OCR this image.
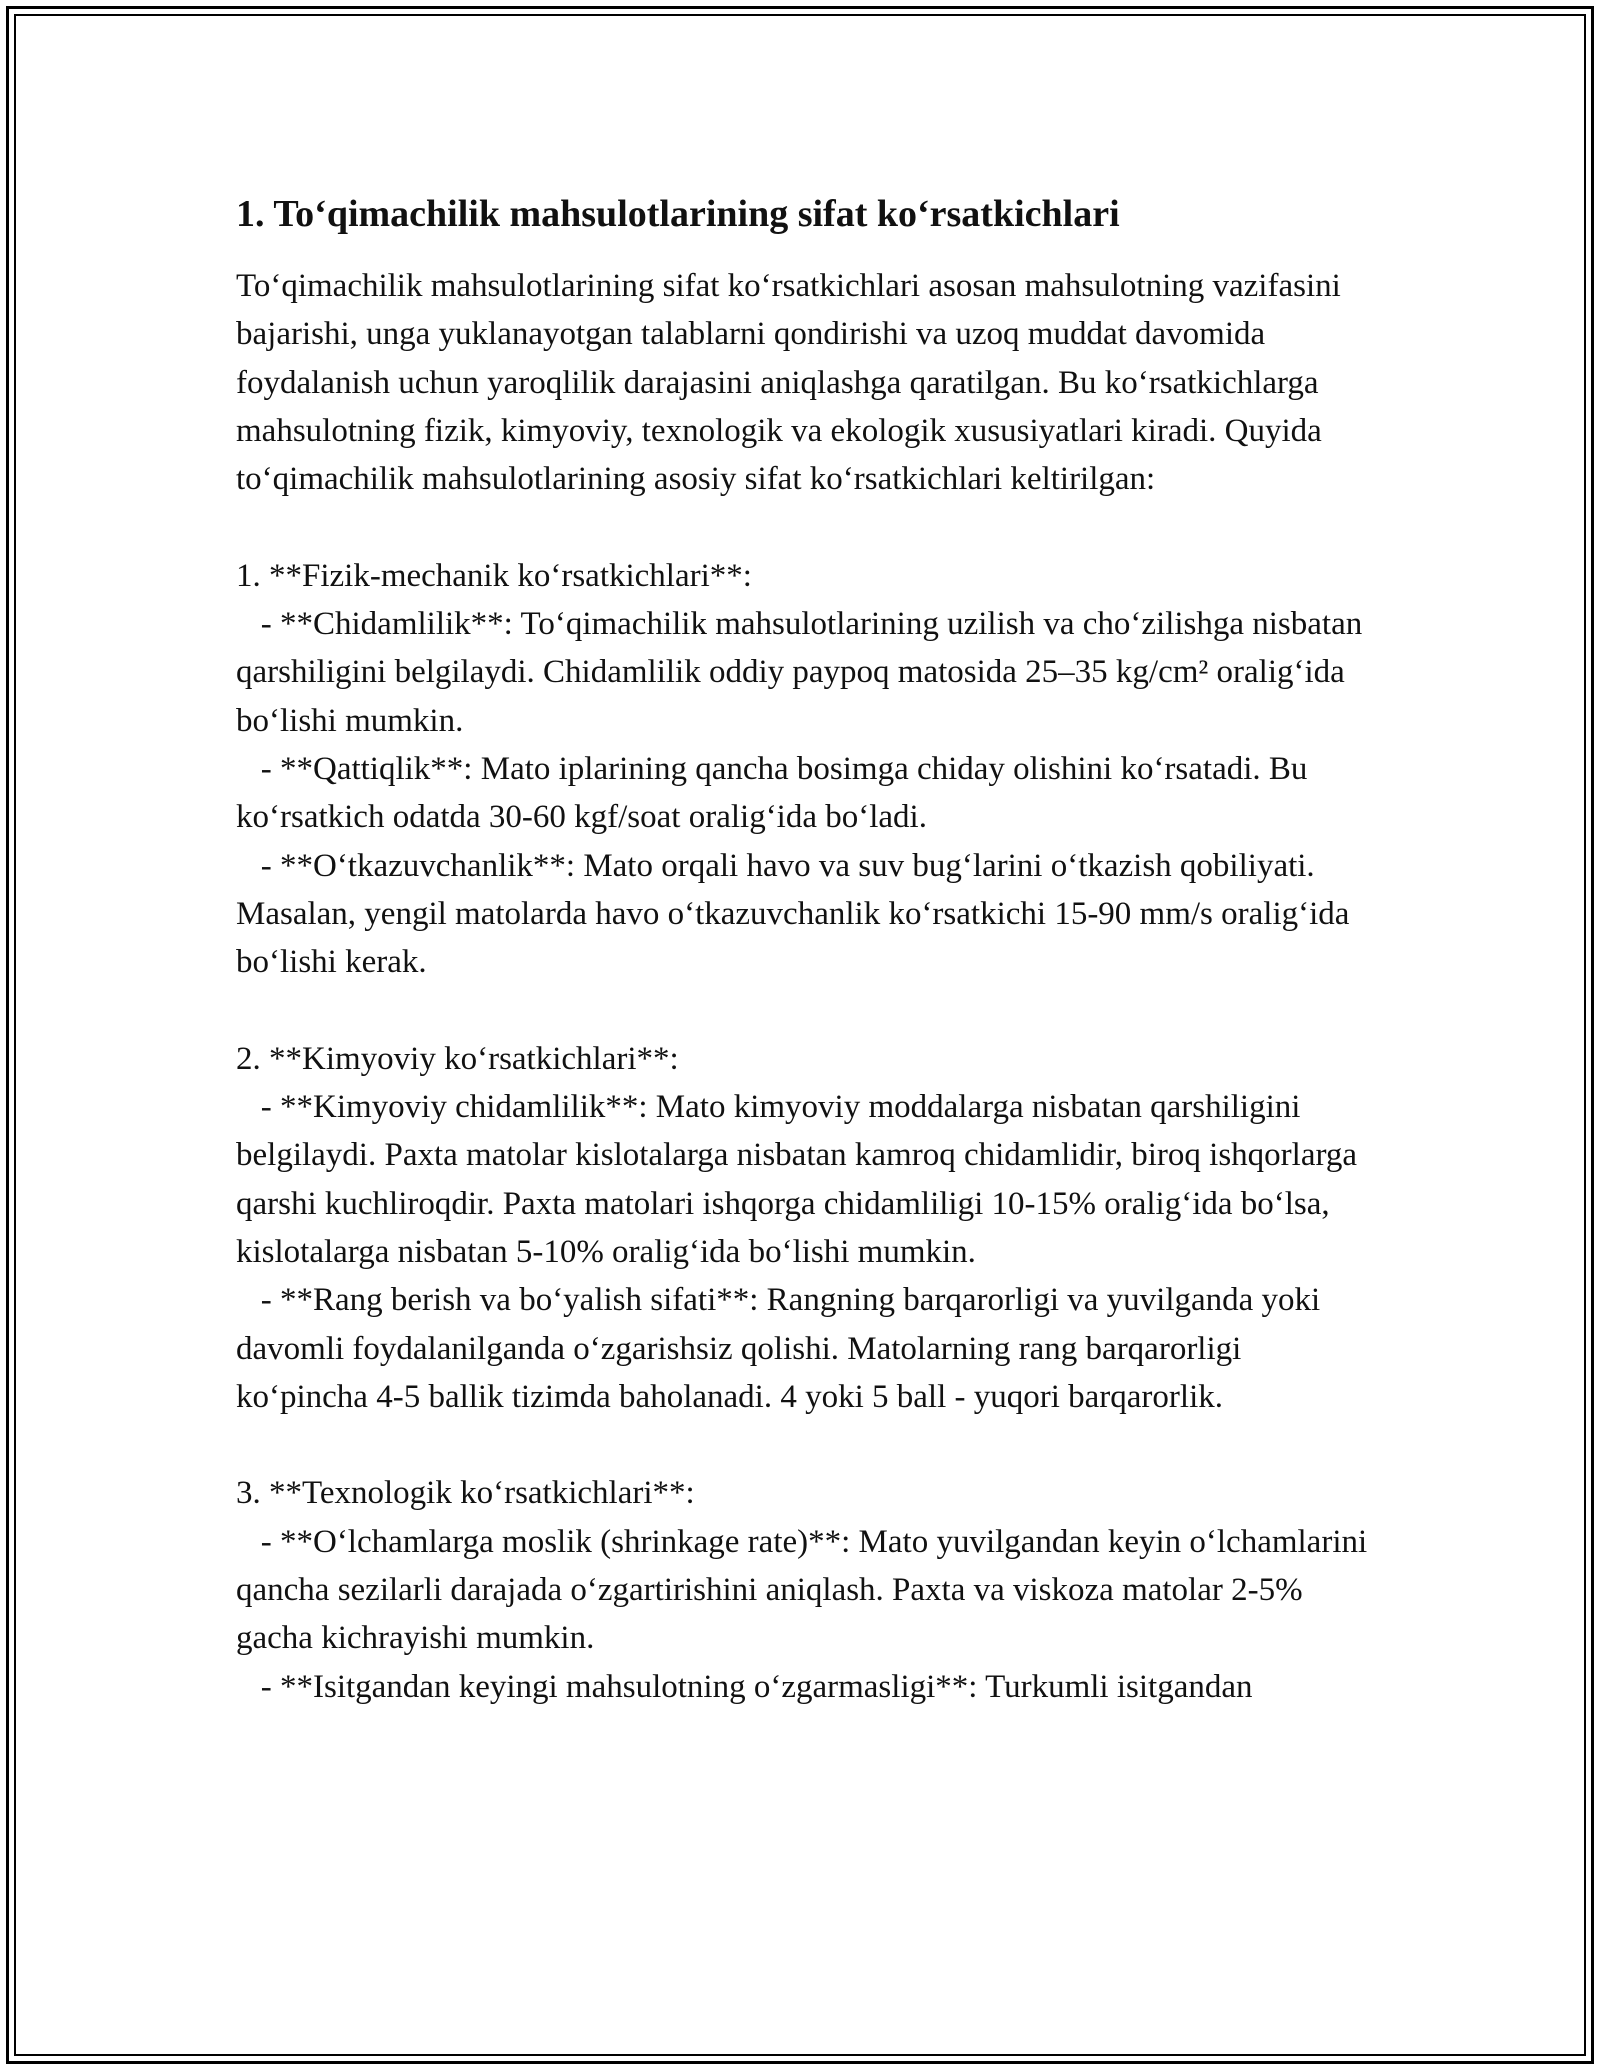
1. To‘qimachilik mahsulotlarining sifat ko‘rsatkichlari

To‘qimachilik mahsulotlarining sifat ko‘rsatkichlari asosan mahsulotning vazifasini bajarishi, unga yuklanayotgan talablarni qondirishi va uzoq muddat davomida foydalanish uchun yaroqlilik darajasini aniqlashga qaratilgan. Bu ko‘rsatkichlarga mahsulotning fizik, kimyoviy, texnologik va ekologik xususiyatlari kiradi. Quyida to‘qimachilik mahsulotlarining asosiy sifat ko‘rsatkichlari keltirilgan:

1. **Fizik-mechanik ko‘rsatkichlari**:
- **Chidamlilik**: To‘qimachilik mahsulotlarining uzilish va cho‘zilishga nisbatan qarshiligini belgilaydi. Chidamlilik oddiy paypoq matosida 25–35 kg/cm² oralig‘ida bo‘lishi mumkin.
- **Qattiqlik**: Mato iplarining qancha bosimga chiday olishini ko‘rsatadi. Bu ko‘rsatkich odatda 30-60 kgf/soat oralig‘ida bo‘ladi.
- **O‘tkazuvchanlik**: Mato orqali havo va suv bug‘larini o‘tkazish qobiliyati. Masalan, yengil matolarda havo o‘tkazuvchanlik ko‘rsatkichi 15-90 mm/s oralig‘ida bo‘lishi kerak.

2. **Kimyoviy ko‘rsatkichlari**:
- **Kimyoviy chidamlilik**: Mato kimyoviy moddalarga nisbatan qarshiligini belgilaydi. Paxta matolar kislotalarga nisbatan kamroq chidamlidir, biroq ishqorlarga qarshi kuchliroqdir. Paxta matolari ishqorga chidamliligi 10-15% oralig‘ida bo‘lsa, kislotalarga nisbatan 5-10% oralig‘ida bo‘lishi mumkin.
- **Rang berish va bo‘yalish sifati**: Rangning barqarorligi va yuvilganda yoki davomli foydalanilganda o‘zgarishsiz qolishi. Matolarning rang barqarorligi ko‘pincha 4-5 ballik tizimda baholanadi. 4 yoki 5 ball - yuqori barqarorlik.

3. **Texnologik ko‘rsatkichlari**:
- **O‘lchamlarga moslik (shrinkage rate)**: Mato yuvilgandan keyin o‘lchamlarini qancha sezilarli darajada o‘zgartirishini aniqlash. Paxta va viskoza matolar 2-5% gacha kichrayishi mumkin.
- **Isitgandan keyingi mahsulotning o‘zgarmasligi**: Turkumli isitgandan
